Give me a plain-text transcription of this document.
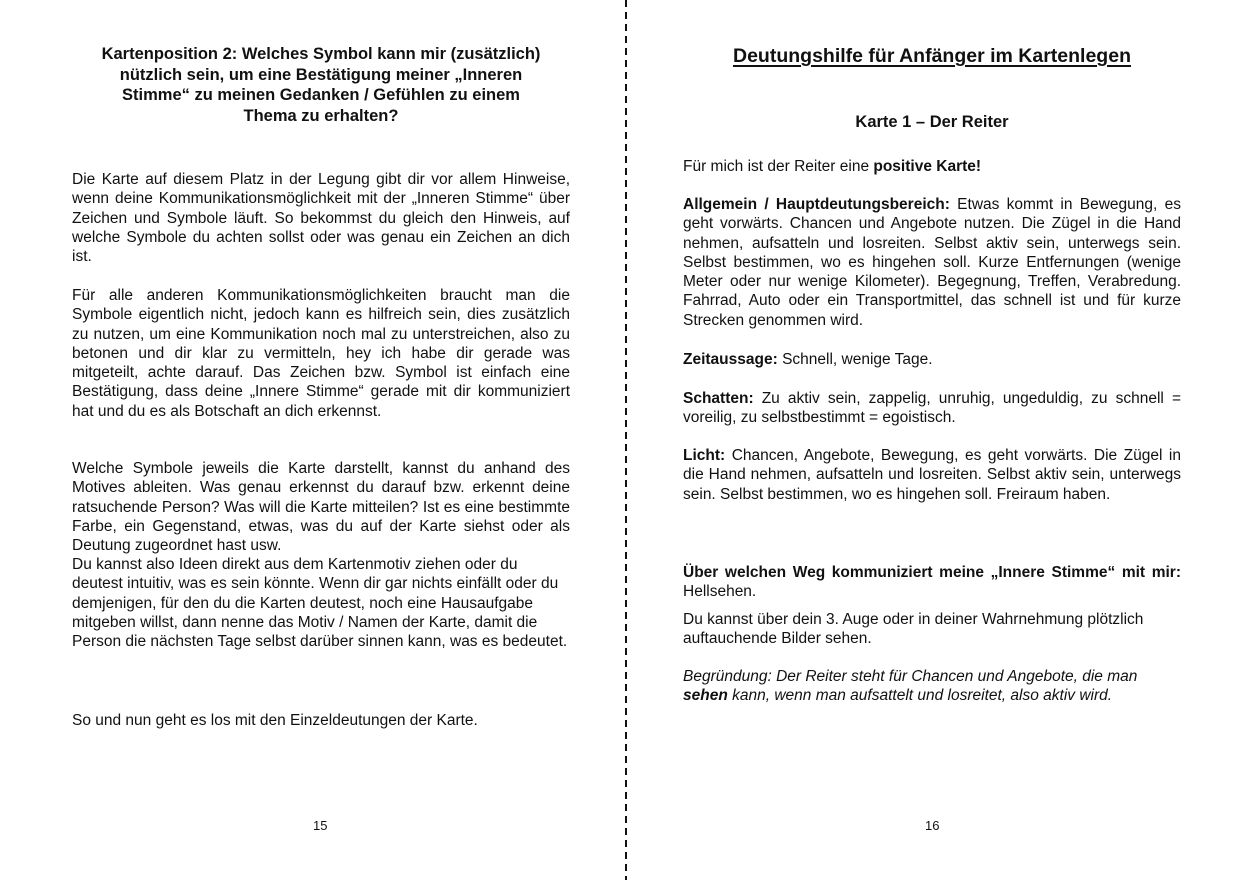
Kartenposition 2: Welches Symbol kann mir (zusätzlich)
nützlich sein, um eine Bestätigung meiner „Inneren
Stimme“ zu meinen Gedanken / Gefühlen zu einem
Thema zu erhalten?
Die Karte auf diesem Platz in der Legung gibt dir vor allem Hinweise, wenn deine Kommunikationsmöglichkeit mit der „Inneren Stimme“ über Zeichen und Symbole läuft. So bekommst du gleich den Hinweis, auf welche Symbole du achten sollst oder was genau ein Zeichen an dich ist.
Für alle anderen Kommunikationsmöglichkeiten braucht man die Symbole eigentlich nicht, jedoch kann es hilfreich sein, dies zusätzlich zu nutzen, um eine Kommunikation noch mal zu unterstreichen, also zu betonen und dir klar zu vermitteln, hey ich habe dir gerade was mitgeteilt, achte darauf. Das Zeichen bzw. Symbol ist einfach eine Bestätigung, dass deine „Innere Stimme“ gerade mit dir kommuniziert hat und du es als Botschaft an dich erkennst.
Welche Symbole jeweils die Karte darstellt, kannst du anhand des Motives ableiten. Was genau erkennst du darauf bzw. erkennt deine ratsuchende Person? Was will die Karte mitteilen? Ist es eine bestimmte Farbe, ein Gegenstand, etwas, was du auf der Karte siehst oder als Deutung zugeordnet hast usw.
Du kannst also Ideen direkt aus dem Kartenmotiv ziehen oder du deutest intuitiv, was es sein könnte. Wenn dir gar nichts einfällt oder du demjenigen, für den du die Karten deutest, noch eine Hausaufgabe mitgeben willst, dann nenne das Motiv / Namen der Karte, damit die Person die nächsten Tage selbst darüber sinnen kann, was es bedeutet.
So und nun geht es los mit den Einzeldeutungen der Karte.
15
Deutungshilfe für Anfänger im Kartenlegen
Karte 1 – Der Reiter
Für mich ist der Reiter eine positive Karte!
Allgemein / Hauptdeutungsbereich: Etwas kommt in Bewegung, es geht vorwärts. Chancen und Angebote nutzen. Die Zügel in die Hand nehmen, aufsatteln und losreiten. Selbst aktiv sein, unterwegs sein. Selbst bestimmen, wo es hingehen soll. Kurze Entfernungen (wenige Meter oder nur wenige Kilometer). Begegnung, Treffen, Verabredung. Fahrrad, Auto oder ein Transportmittel, das schnell ist und für kurze Strecken genommen wird.
Zeitaussage: Schnell, wenige Tage.
Schatten: Zu aktiv sein, zappelig, unruhig, ungeduldig, zu schnell = voreilig, zu selbstbestimmt = egoistisch.
Licht: Chancen, Angebote, Bewegung, es geht vorwärts. Die Zügel in die Hand nehmen, aufsatteln und losreiten. Selbst aktiv sein, unterwegs sein. Selbst bestimmen, wo es hingehen soll. Freiraum haben.
Über welchen Weg kommuniziert meine „Innere Stimme“ mit mir: Hellsehen.
Du kannst über dein 3. Auge oder in deiner Wahrnehmung plötzlich auftauchende Bilder sehen.
Begründung: Der Reiter steht für Chancen und Angebote, die man sehen kann, wenn man aufsattelt und losreitet, also aktiv wird.
16
